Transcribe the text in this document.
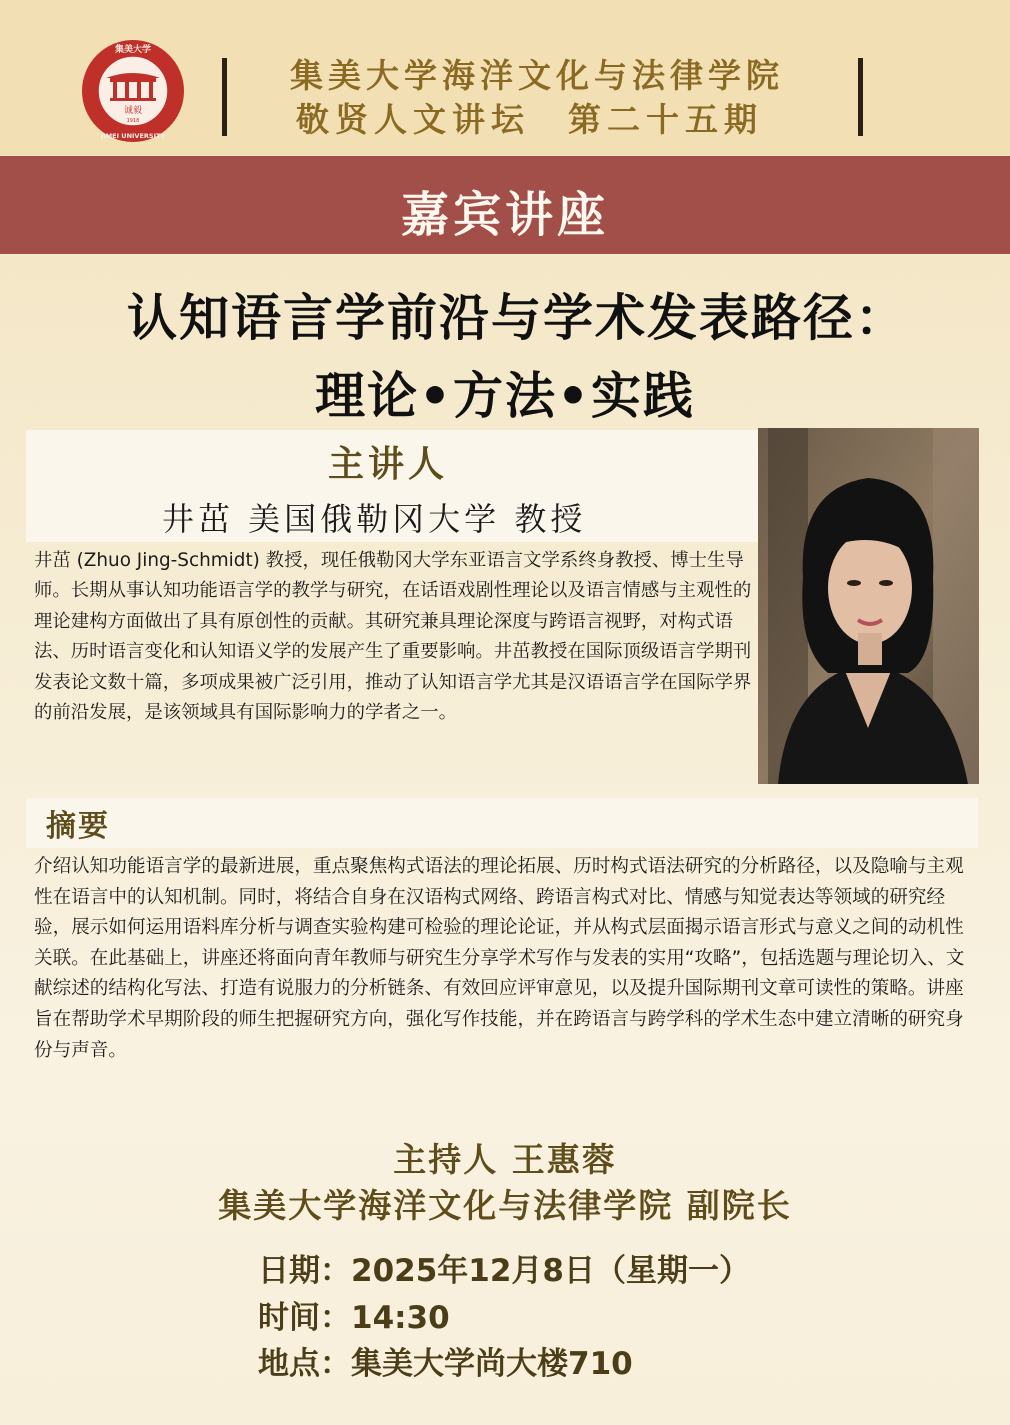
诚毅
1918
集美大学
JIMEI UNIVERSITY
集美大学海洋文化与法律学院
敬贤人文讲坛 第二十五期
嘉宾讲座
认知语言学前沿与学术发表路径：
理论•方法•实践
主讲人
井茁 美国俄勒冈大学 教授
井茁 (Zhuo Jing-Schmidt) 教授，现任俄勒冈大学东亚语言文学系终身教授、博士生导师。长期从事认知功能语言学的教学与研究，在话语戏剧性理论以及语言情感与主观性的理论建构方面做出了具有原创性的贡献。其研究兼具理论深度与跨语言视野，对构式语法、历时语言变化和认知语义学的发展产生了重要影响。井茁教授在国际顶级语言学期刊发表论文数十篇，多项成果被广泛引用，推动了认知语言学尤其是汉语语言学在国际学界的前沿发展，是该领域具有国际影响力的学者之一。
摘要
介绍认知功能语言学的最新进展，重点聚焦构式语法的理论拓展、历时构式语法研究的分析路径，以及隐喻与主观性在语言中的认知机制。同时，将结合自身在汉语构式网络、跨语言构式对比、情感与知觉表达等领域的研究经验，展示如何运用语料库分析与调查实验构建可检验的理论论证，并从构式层面揭示语言形式与意义之间的动机性关联。在此基础上，讲座还将面向青年教师与研究生分享学术写作与发表的实用“攻略”，包括选题与理论切入、文献综述的结构化写法、打造有说服力的分析链条、有效回应评审意见，以及提升国际期刊文章可读性的策略。讲座旨在帮助学术早期阶段的师生把握研究方向，强化写作技能，并在跨语言与跨学科的学术生态中建立清晰的研究身份与声音。
主持人 王惠蓉
集美大学海洋文化与法律学院 副院长
日期：2025年12月8日（星期一）
时间：14:30
地点：集美大学尚大楼710
